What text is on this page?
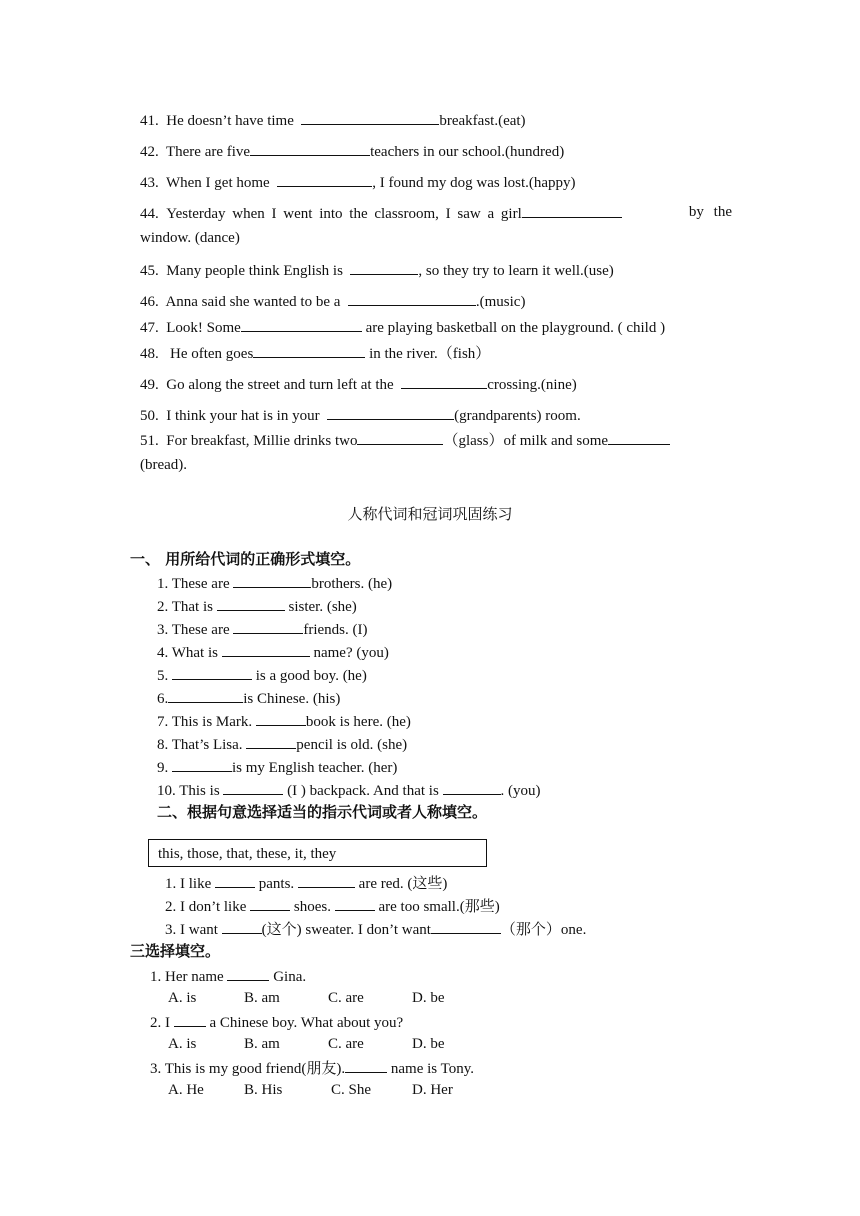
41. He doesn’t have time	breakfast.(eat)
42. There are five	teachers in our school.(hundred)
43. When I get home	, I found my dog was lost.(happy)
44. Yesterday when I went into the classroom, I saw a girl	by the
window. (dance)
45. Many people think English is	, so they try to learn it well.(use)
46. Anna said she wanted to be a	.(music)
47. Look! Some	are playing basketball on the playground. ( child )
48. He often goes	in the river.（fish）
49. Go along the street and turn left at the	crossing.(nine)
50. I think your hat is in your	(grandparents) room.
51. For breakfast, Millie drinks two	（glass）of milk and some
(bread).
人称代词和冠词巩固练习
一、 用所给代词的正确形式填空。
1. These are	brothers. (he)
2. That is	sister. (she)
3. These are	friends. (I)
4. What is	name? (you)
5.	is a good boy. (he)
6.	is Chinese. (his)
7. This is Mark.	book is here. (he)
8. That’s Lisa.	pencil is old. (she)
9.	is my English teacher. (her)
10. This is	(I ) backpack. And that is	. (you)
二、根据句意选择适当的指示代词或者人称填空。
this, those, that, these, it, they
1. I like	pants.	are red. (这些)
2. I don’t like	shoes.	are too small.(那些)
3. I want	(这个) sweater. I don’t want	（那个）one.
三选择填空。
1. Her name	Gina.
A. is	B. am	C. are	D. be
2. I  a Chinese boy. What about you?
A. is	B. am	C. are	D. be
3. This is my good friend(朋友).	name is Tony.
A. He	B. His	C. She	D. Her
